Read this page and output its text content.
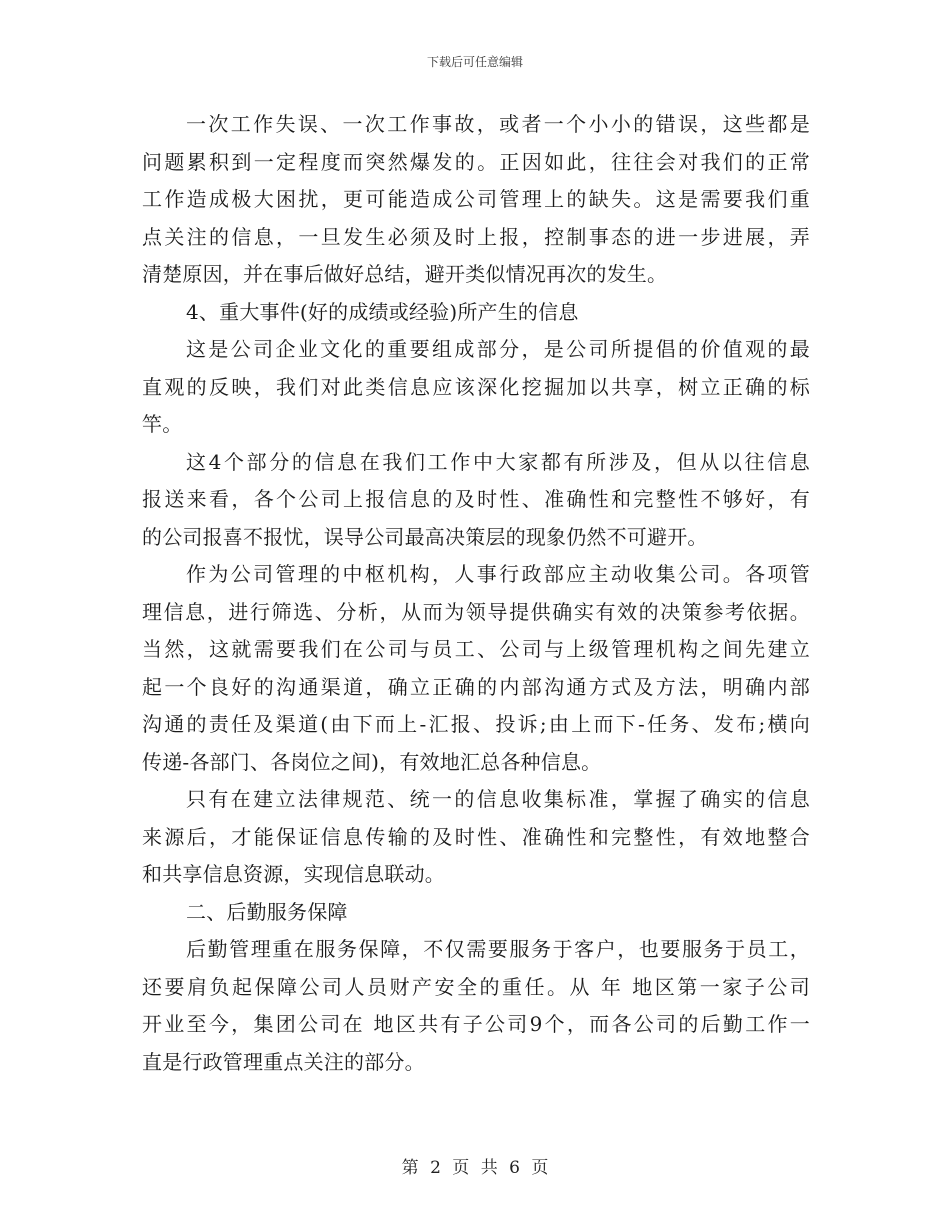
下载后可任意编辑
一次工作失误、一次工作事故，或者一个小小的错误，这些都是
问题累积到一定程度而突然爆发的。正因如此，往往会对我们的正常
工作造成极大困扰，更可能造成公司管理上的缺失。这是需要我们重
点关注的信息，一旦发生必须及时上报，控制事态的进一步进展，弄
清楚原因，并在事后做好总结，避开类似情况再次的发生。
4、重大事件(好的成绩或经验)所产生的信息
这是公司企业文化的重要组成部分，是公司所提倡的价值观的最
直观的反映，我们对此类信息应该深化挖掘加以共享，树立正确的标
竿。
这4个部分的信息在我们工作中大家都有所涉及，但从以往信息
报送来看，各个公司上报信息的及时性、准确性和完整性不够好，有
的公司报喜不报忧，误导公司最高决策层的现象仍然不可避开。
作为公司管理的中枢机构，人事行政部应主动收集公司。各项管
理信息，进行筛选、分析，从而为领导提供确实有效的决策参考依据。
当然，这就需要我们在公司与员工、公司与上级管理机构之间先建立
起一个良好的沟通渠道，确立正确的内部沟通方式及方法，明确内部
沟通的责任及渠道(由下而上-汇报、投诉;由上而下-任务、发布;横向
传递-各部门、各岗位之间)，有效地汇总各种信息。
只有在建立法律规范、统一的信息收集标准，掌握了确实的信息
来源后，才能保证信息传输的及时性、准确性和完整性，有效地整合
和共享信息资源，实现信息联动。
二、后勤服务保障
后勤管理重在服务保障，不仅需要服务于客户，也要服务于员工，
还要肩负起保障公司人员财产安全的重任。从 年 地区第一家子公司
开业至今，集团公司在 地区共有子公司9个，而各公司的后勤工作一
直是行政管理重点关注的部分。
第 2 页 共 6 页
